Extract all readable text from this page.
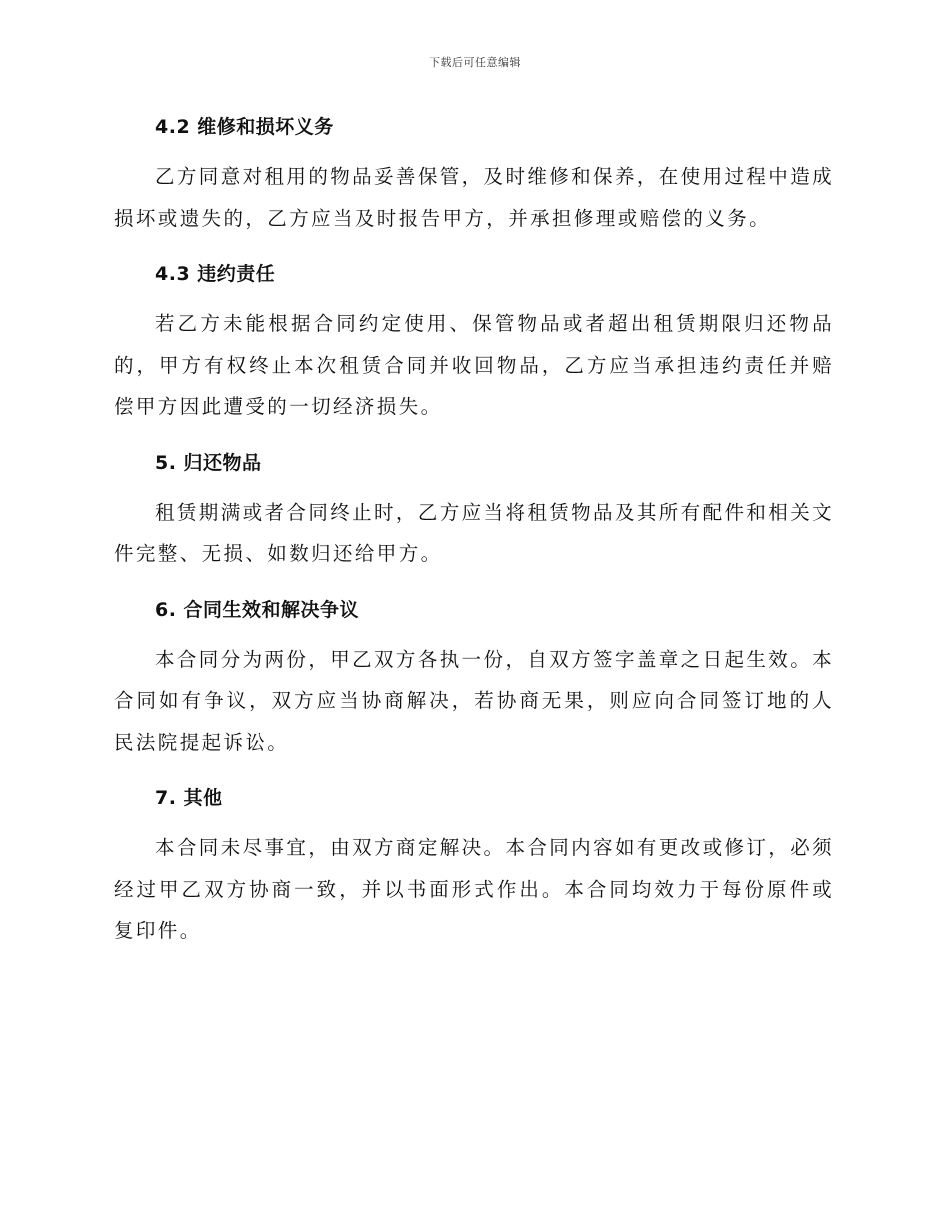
下载后可任意编辑
4.2 维修和损坏义务

乙方同意对租用的物品妥善保管，及时维修和保养，在使用过程中造成损坏或遗失的，乙方应当及时报告甲方，并承担修理或赔偿的义务。

4.3 违约责任

若乙方未能根据合同约定使用、保管物品或者超出租赁期限归还物品的，甲方有权终止本次租赁合同并收回物品，乙方应当承担违约责任并赔偿甲方因此遭受的一切经济损失。

5. 归还物品

租赁期满或者合同终止时，乙方应当将租赁物品及其所有配件和相关文件完整、无损、如数归还给甲方。

6. 合同生效和解决争议

本合同分为两份，甲乙双方各执一份，自双方签字盖章之日起生效。本合同如有争议，双方应当协商解决，若协商无果，则应向合同签订地的人民法院提起诉讼。

7. 其他

本合同未尽事宜，由双方商定解决。本合同内容如有更改或修订，必须经过甲乙双方协商一致，并以书面形式作出。本合同均效力于每份原件或复印件。
